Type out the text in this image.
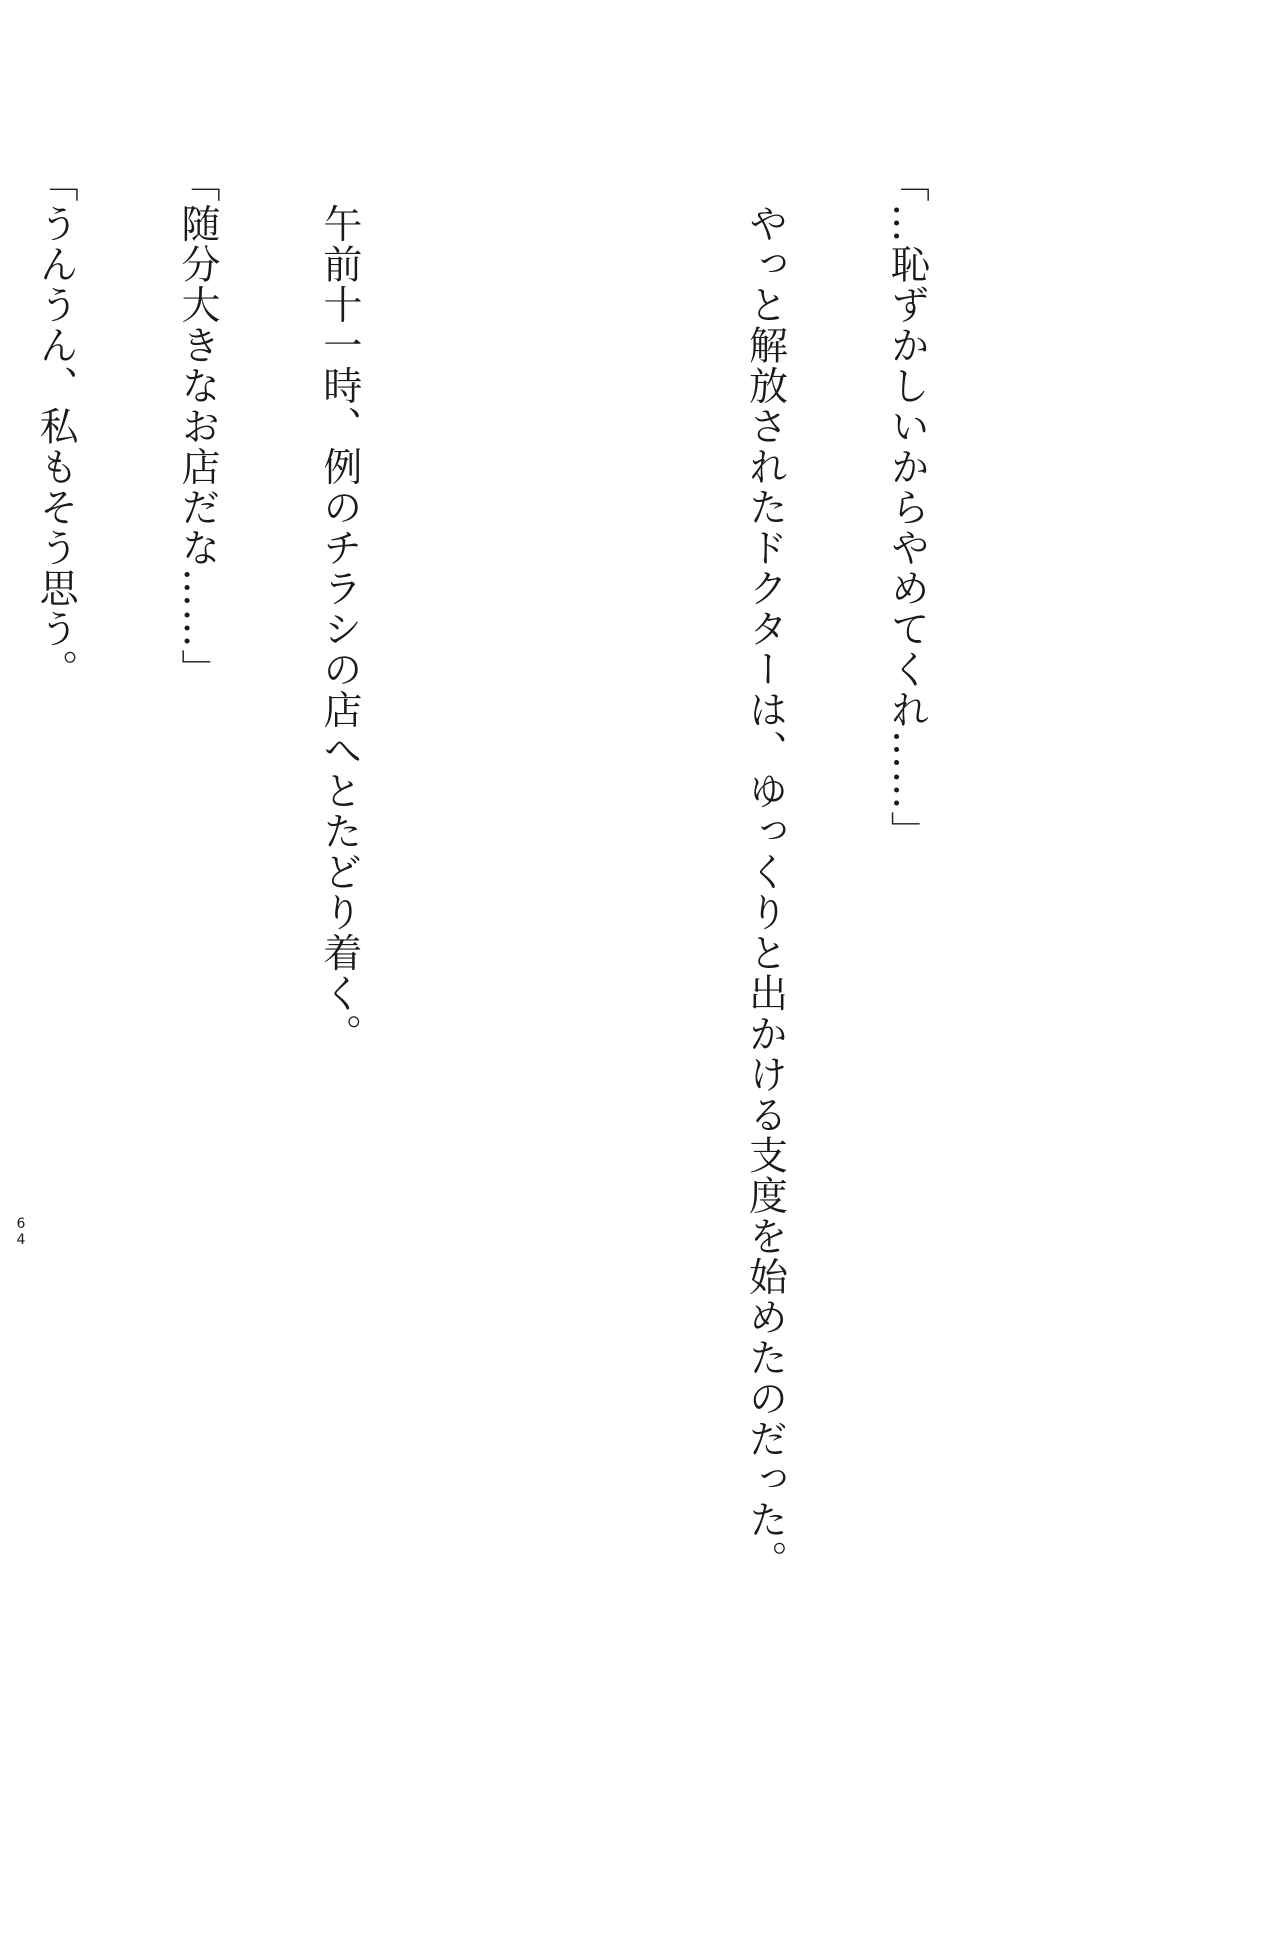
「…恥ずかしいからやめてくれ……」

　やっと解放されたドクターは、ゆっくりと出かける支度を始めたのだった。

　午前十一時、例のチラシの店へとたどり着く。

「随分大きなお店だな……」

「うんうん、私もそう思う。

64
